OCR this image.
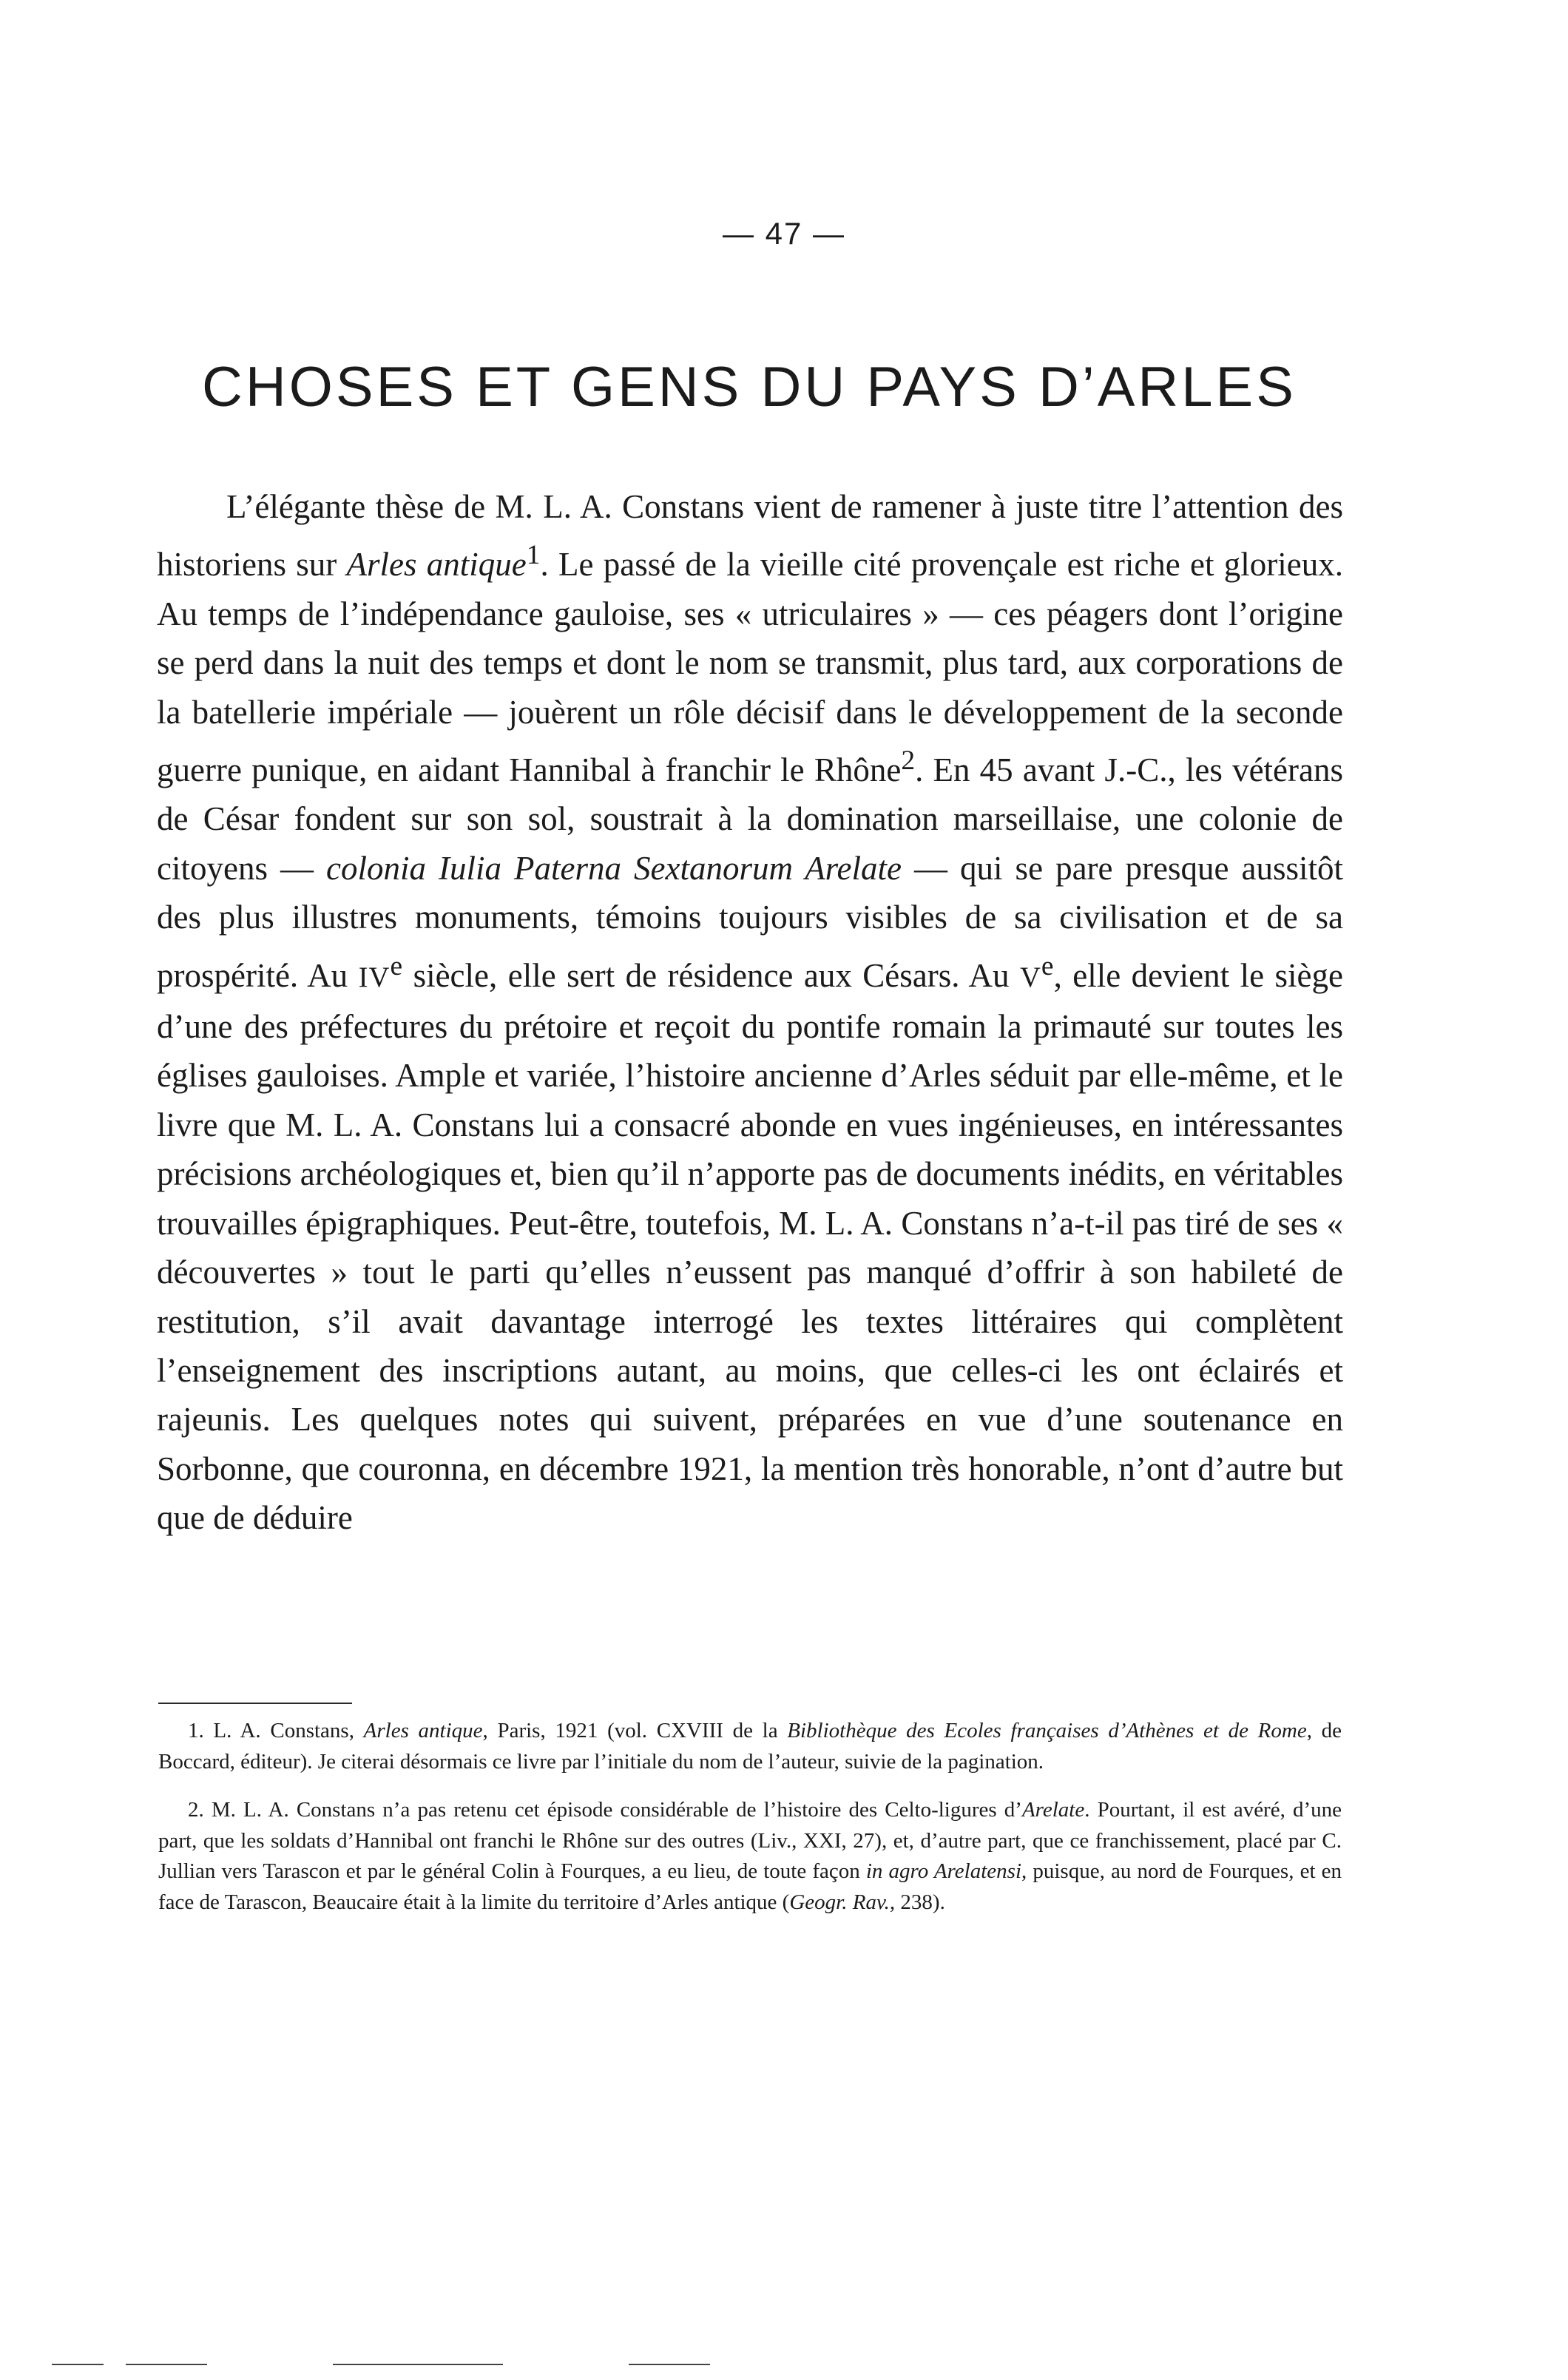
— 47 —
CHOSES ET GENS DU PAYS D’ARLES

L’élégante thèse de M. L. A. Constans vient de ramener à juste titre l’attention des historiens sur Arles antique$^1$. Le passé de la vieille cité provençale est riche et glorieux. Au temps de l’indépendance gauloise, ses « utriculaires » — ces péagers dont l’origine se perd dans la nuit des temps et dont le nom se transmit, plus tard, aux corporations de la batellerie impériale — jouèrent un rôle décisif dans le développement de la seconde guerre punique, en aidant Hannibal à franchir le Rhône$^2$. En 45 avant J.-C., les vétérans de César fondent sur son sol, soustrait à la domination marseillaise, une colonie de citoyens — colonia Iulia Paterna Sextanorum Arelate — qui se pare presque aussitôt des plus illustres monuments, témoins toujours visibles de sa civilisation et de sa prospérité. Au IVe siècle, elle sert de résidence aux Césars. Au Ve, elle devient le siège d’une des préfectures du prétoire et reçoit du pontife romain la primauté sur toutes les églises gauloises. Ample et variée, l’histoire ancienne d’Arles séduit par elle-même, et le livre que M. L. A. Constans lui a consacré abonde en vues ingénieuses, en intéressantes précisions archéologiques et, bien qu’il n’apporte pas de documents inédits, en véritables trouvailles épigraphiques. Peut-être, toutefois, M. L. A. Constans n’a-t-il pas tiré de ses « découvertes » tout le parti qu’elles n’eussent pas manqué d’offrir à son habileté de restitution, s’il avait davantage interrogé les textes littéraires qui complètent l’enseignement des inscriptions autant, au moins, que celles-ci les ont éclairés et rajeunis. Les quelques notes qui suivent, préparées en vue d’une soutenance en Sorbonne, que couronna, en décembre 1921, la mention très honorable, n’ont d’autre but que de déduire

1. L. A. Constans, Arles antique, Paris, 1921 (vol. CXVIII de la Bibliothèque des Ecoles françaises d’Athènes et de Rome, de Boccard, éditeur). Je citerai désormais ce livre par l’initiale du nom de l’auteur, suivie de la pagination.

2. M. L. A. Constans n’a pas retenu cet épisode considérable de l’histoire des Celto-ligures d’Arelate. Pourtant, il est avéré, d’une part, que les soldats d’Hannibal ont franchi le Rhône sur des outres (Liv., XXI, 27), et, d’autre part, que ce franchissement, placé par C. Jullian vers Tarascon et par le général Colin à Fourques, a eu lieu, de toute façon in agro Arelatensi, puisque, au nord de Fourques, et en face de Tarascon, Beaucaire était à la limite du territoire d’Arles antique (Geogr. Rav., 238).
